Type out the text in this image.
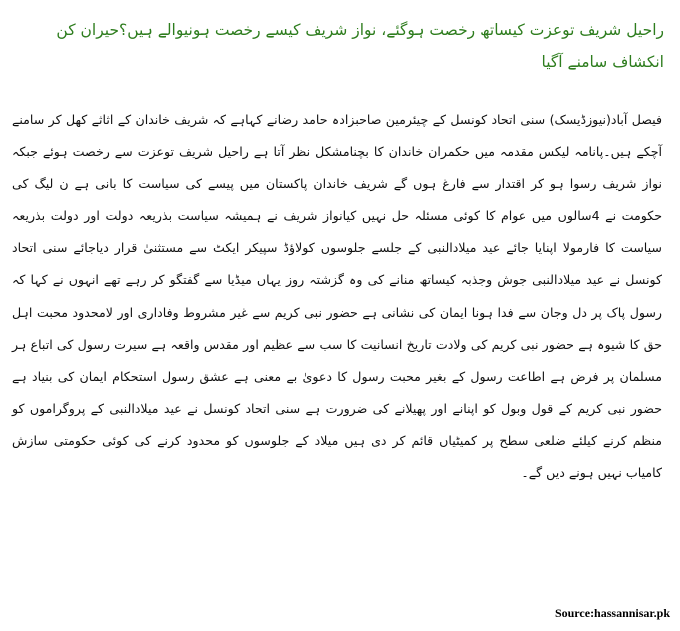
راحیل شریف توعزت کیساتھ رخصت ہوگئے، نواز شریف کیسے رخصت ہونیوالے ہیں؟حیران کن انکشاف سامنے آگیا

فیصل آباد(نیوزڈیسک) سنی اتحاد کونسل کے چیئرمین صاحبزادہ حامد رضانے کہاہے کہ شریف خاندان کے اثاثے کھل کر سامنے آچکے ہیں۔پانامہ لیکس مقدمہ میں حکمران خاندان کا بچنامشکل نظر آتا ہے راحیل شریف توعزت سے رخصت ہوئے جبکہ نواز شریف رسوا ہو کر اقتدار سے فارغ ہوں گے شریف خاندان پاکستان میں پیسے کی سیاست کا بانی ہے ن لیگ کی حکومت نے 4سالوں میں عوام کا کوئی مسئلہ حل نہیں کیانواز شریف نے ہمیشہ سیاست بذریعہ دولت اور دولت بذریعہ سیاست کا فارمولا اپنایا جائے عید میلادالنبی کے جلسے جلوسوں کولاؤڈ سپیکر ایکٹ سے مستثنیٰ قرار دیاجائے سنی اتحاد کونسل نے عید میلادالنبی جوش وجذبہ کیساتھ منانے کی وہ گزشتہ روز یہاں میڈیا سے گفتگو کر رہے تھے انہوں نے کہا کہ رسول پاک پر دل وجان سے فدا ہونا ایمان کی نشانی ہے حضور نبی کریم سے غیر مشروط وفاداری اور لامحدود محبت اہل حق کا شیوہ ہے حضور نبی کریم کی ولادت تاریخ انسانیت کا سب سے عظیم اور مقدس واقعہ ہے سیرت رسول کی اتباع ہر مسلمان پر فرض ہے اطاعت رسول کے بغیر محبت رسول کا دعویٰ بے معنی ہے عشق رسول استحکام ایمان کی بنیاد ہے حضور نبی کریم کے قول وبول کو اپنانے اور پھیلانے کی ضرورت ہے سنی اتحاد کونسل نے عید میلادالنبی کے پروگراموں کو منظم کرنے کیلئے ضلعی سطح پر کمیٹیاں قائم کر دی ہیں میلاد کے جلوسوں کو محدود کرنے کی کوئی حکومتی سازش کامیاب نہیں ہونے دیں گے۔

Source:hassannisar.pk
